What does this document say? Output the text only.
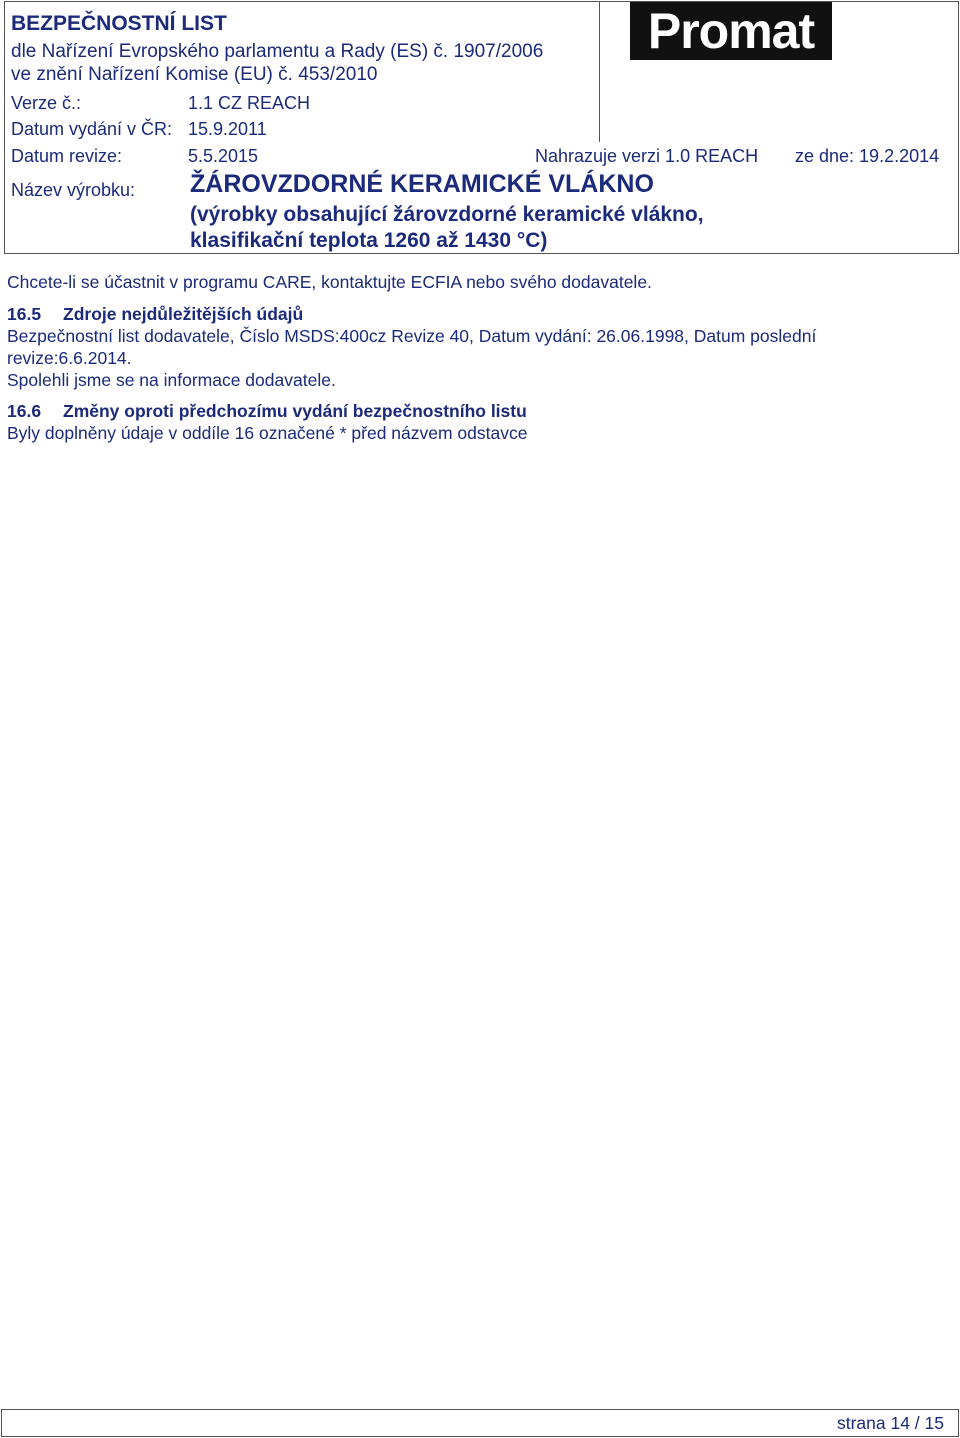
BEZPEČNOSTNÍ LIST
dle Nařízení Evropského parlamentu a Rady (ES) č. 1907/2006
ve znění Nařízení Komise (EU) č. 453/2010
Promat
Verze č.:	1.1 CZ REACH
Datum vydání v ČR: 15.9.2011
Datum revize:	5.5.2015	Nahrazuje verzi 1.0 REACH ze dne: 19.2.2014
Název výrobku: ŽÁROVZDORNÉ KERAMICKÉ VLÁKNO
(výrobky obsahující žárovzdorné keramické vlákno,
klasifikační teplota 1260 až 1430 °C)
Chcete-li se účastnit v programu CARE, kontaktujte ECFIA nebo svého dodavatele.
16.5 Zdroje nejdůležitějších údajů
Bezpečnostní list dodavatele, Číslo MSDS:400cz Revize 40, Datum vydání: 26.06.1998, Datum poslední
revize:6.6.2014.
Spolehli jsme se na informace dodavatele.
16.6 Změny oproti předchozímu vydání bezpečnostního listu
Byly doplněny údaje v oddíle 16 označené * před názvem odstavce
strana 14 / 15
